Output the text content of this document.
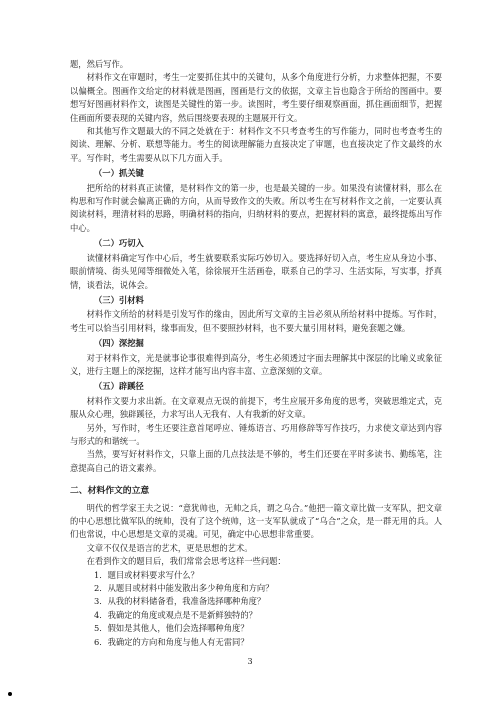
题，然后写作。

材料作文在审题时，考生一定要抓住其中的关键句，从多个角度进行分析，力求整体把握，不要以偏概全。图画作文给定的材料就是图画，图画是行文的依据，文章主旨也隐含于所给的图画中。要想写好图画材料作文，读图是关键性的第一步。读图时，考生要仔细观察画面，抓住画面细节，把握住画面所要表现的关键内容，然后围绕要表现的主题展开行文。

和其他写作文题最大的不同之处就在于：材料作文不只考查考生的写作能力，同时也考查考生的阅读、理解、分析、联想等能力。考生的阅读理解能力直接决定了审题，也直接决定了作文最终的水平。写作时，考生需要从以下几方面入手。

（一）抓关键

把所给的材料真正读懂，是材料作文的第一步，也是最关键的一步。如果没有读懂材料，那么在构思和写作时就会偏离正确的方向，从而导致作文的失败。所以考生在写材料作文之前，一定要认真阅读材料，理清材料的思路，明确材料的指向，归纳材料的要点，把握材料的寓意，最终提炼出写作中心。

（二）巧切入

读懂材料确定写作中心后，考生就要联系实际巧妙切入。要选择好切入点，考生应从身边小事、眼前情境、街头见闻等细微处入笔，徐徐展开生活画卷，联系自己的学习、生活实际，写实事，抒真情，谈看法，说体会。

（三）引材料

材料作文所给的材料是引发写作的缘由，因此所写文章的主旨必须从所给材料中提炼。写作时，考生可以恰当引用材料，缘事而发，但不要照抄材料，也不要大量引用材料，避免套题之嫌。

（四）深挖掘

对于材料作文，光是就事论事很难得到高分，考生必须透过字面去理解其中深层的比喻义或象征义，进行主题上的深挖掘，这样才能写出内容丰富、立意深刻的文章。

（五）辟蹊径

材料作文要力求出新。在文章观点无误的前提下，考生应展开多角度的思考，突破思维定式，克服从众心理，独辟蹊径，力求写出人无我有、人有我新的好文章。

另外，写作时，考生还要注意首尾呼应、锤炼语言、巧用修辞等写作技巧，力求使文章达到内容与形式的和谐统一。

当然，要写好材料作文，只靠上面的几点技法是不够的，考生们还要在平时多读书、勤练笔，注意提高自己的语文素养。

二、材料作文的立意

明代的哲学家王夫之说：“意犹帅也，无帅之兵，谓之乌合。”他把一篇文章比做一支军队，把文章的中心思想比做军队的统帅，没有了这个统帅，这一支军队就成了“乌合”之众，是一群无用的兵。人们也常说，中心思想是文章的灵魂。可见，确定中心思想非常重要。

文章不仅仅是语言的艺术，更是思想的艺术。

在看到作文的题目后，我们常常会思考这样一些问题：

1．题目或材料要求写什么？
2．从题目或材料中能发散出多少种角度和方向？
3．从我的材料储备看，我准备选择哪种角度？
4．我确定的角度或观点是不是新鲜独特的？
5．假如是其他人，他们会选择哪种角度？
6．我确定的方向和角度与他人有无雷同？
3
